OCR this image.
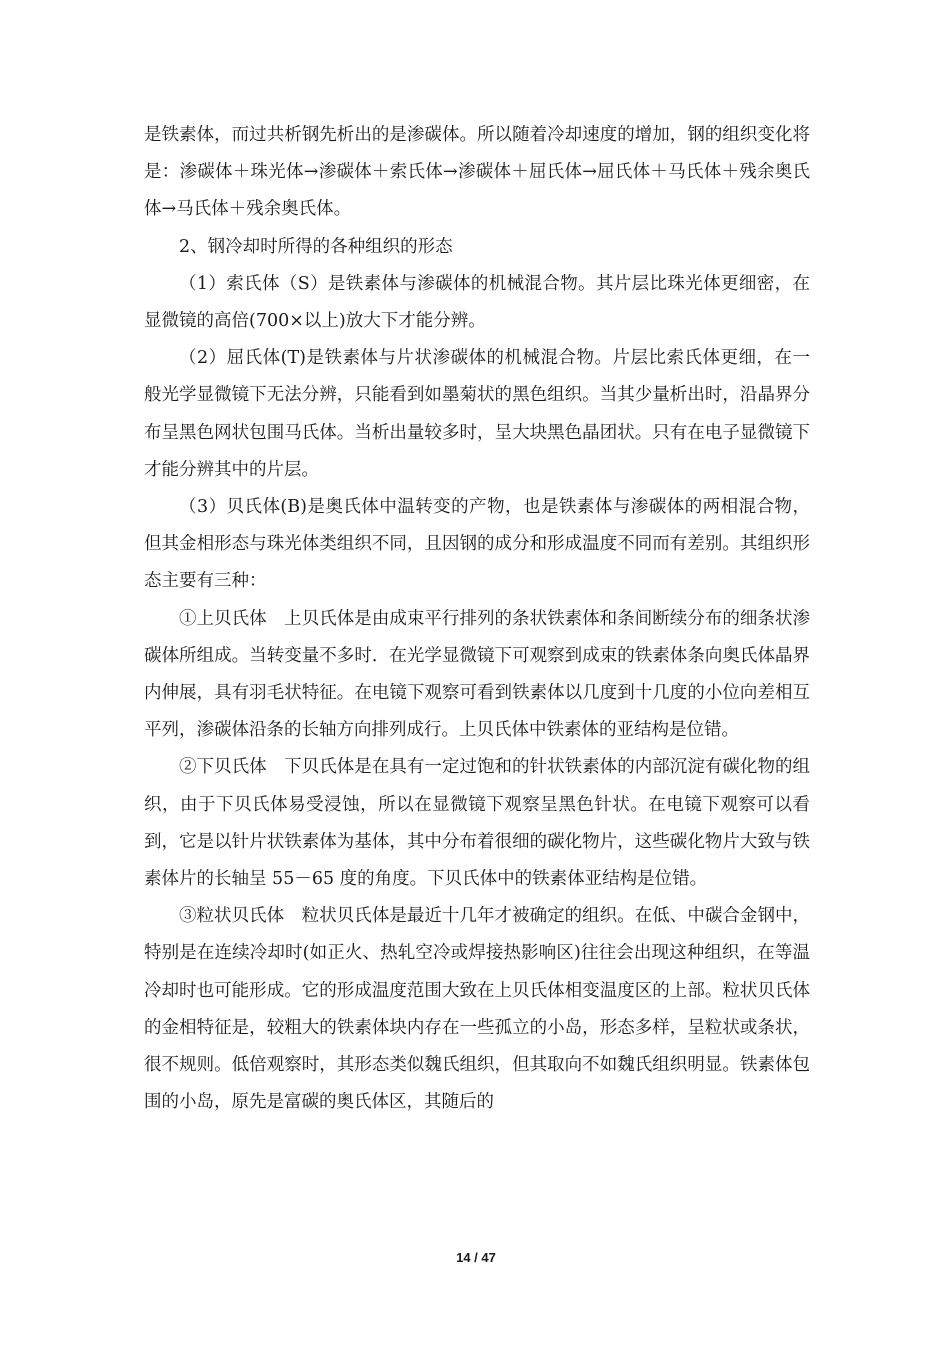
是铁素体，而过共析钢先析出的是渗碳体。所以随着冷却速度的增加，钢的组织变化将是：渗碳体＋珠光体→渗碳体＋索氏体→渗碳体＋屈氏体→屈氏体＋马氏体＋残余奥氏体→马氏体＋残余奥氏体。

2、钢冷却时所得的各种组织的形态

（1）索氏体（S）是铁素体与渗碳体的机械混合物。其片层比珠光体更细密，在显微镜的高倍(700×以上)放大下才能分辨。

（2）屈氏体(T)是铁素体与片状渗碳体的机械混合物。片层比索氏体更细，在一般光学显微镜下无法分辨，只能看到如墨菊状的黑色组织。当其少量析出时，沿晶界分布呈黑色网状包围马氏体。当析出量较多时，呈大块黑色晶团状。只有在电子显微镜下才能分辨其中的片层。

（3）贝氏体(B)是奥氏体中温转变的产物，也是铁素体与渗碳体的两相混合物，但其金相形态与珠光体类组织不同，且因钢的成分和形成温度不同而有差别。其组织形态主要有三种：

①上贝氏体　上贝氏体是由成束平行排列的条状铁素体和条间断续分布的细条状渗碳体所组成。当转变量不多时．在光学显微镜下可观察到成束的铁素体条向奥氏体晶界内伸展，具有羽毛状特征。在电镜下观察可看到铁素体以几度到十几度的小位向差相互平列，渗碳体沿条的长轴方向排列成行。上贝氏体中铁素体的亚结构是位错。

②下贝氏体　下贝氏体是在具有一定过饱和的针状铁素体的内部沉淀有碳化物的组织，由于下贝氏体易受浸蚀，所以在显微镜下观察呈黑色针状。在电镜下观察可以看到，它是以针片状铁素体为基体，其中分布着很细的碳化物片，这些碳化物片大致与铁素体片的长轴呈 55－65 度的角度。下贝氏体中的铁素体亚结构是位错。

③粒状贝氏体　粒状贝氏体是最近十几年才被确定的组织。在低、中碳合金钢中，特别是在连续冷却时(如正火、热轧空冷或焊接热影响区)往往会出现这种组织，在等温冷却时也可能形成。它的形成温度范围大致在上贝氏体相变温度区的上部。粒状贝氏体的金相特征是，较粗大的铁素体块内存在一些孤立的小岛，形态多样，呈粒状或条状，很不规则。低倍观察时，其形态类似魏氏组织，但其取向不如魏氏组织明显。铁素体包围的小岛，原先是富碳的奥氏体区，其随后的

14 / 47
